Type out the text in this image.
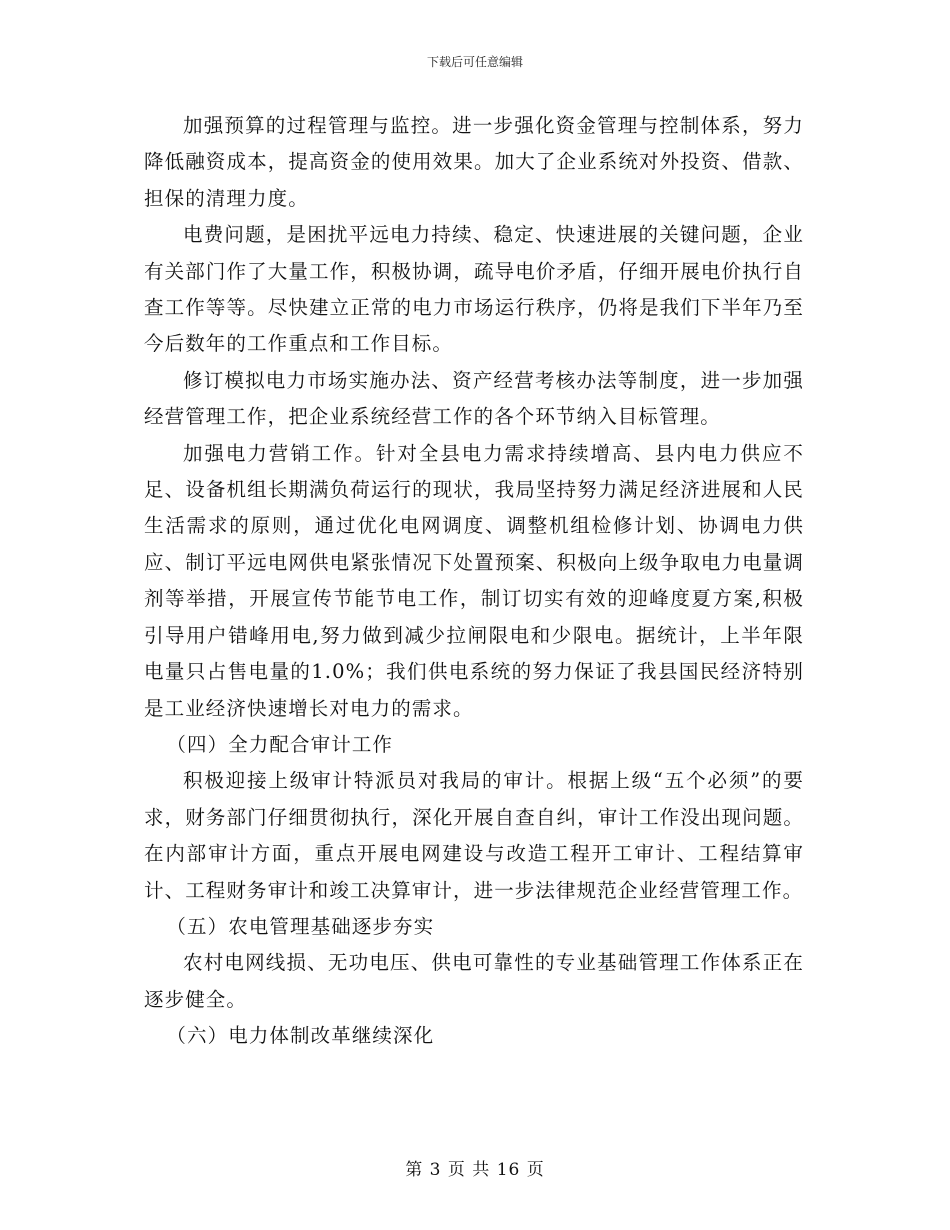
下载后可任意编辑

加强预算的过程管理与监控。进一步强化资金管理与控制体系，努力降低融资成本，提高资金的使用效果。加大了企业系统对外投资、借款、担保的清理力度。

电费问题，是困扰平远电力持续、稳定、快速进展的关键问题，企业有关部门作了大量工作，积极协调，疏导电价矛盾，仔细开展电价执行自查工作等等。尽快建立正常的电力市场运行秩序，仍将是我们下半年乃至今后数年的工作重点和工作目标。

修订模拟电力市场实施办法、资产经营考核办法等制度，进一步加强经营管理工作，把企业系统经营工作的各个环节纳入目标管理。

加强电力营销工作。针对全县电力需求持续增高、县内电力供应不足、设备机组长期满负荷运行的现状，我局坚持努力满足经济进展和人民生活需求的原则，通过优化电网调度、调整机组检修计划、协调电力供应、制订平远电网供电紧张情况下处置预案、积极向上级争取电力电量调剂等举措，开展宣传节能节电工作，制订切实有效的迎峰度夏方案,积极引导用户错峰用电,努力做到减少拉闸限电和少限电。据统计，上半年限电量只占售电量的1.0%；我们供电系统的努力保证了我县国民经济特别是工业经济快速增长对电力的需求。

（四）全力配合审计工作

积极迎接上级审计特派员对我局的审计。根据上级“五个必须”的要求，财务部门仔细贯彻执行，深化开展自查自纠，审计工作没出现问题。在内部审计方面，重点开展电网建设与改造工程开工审计、工程结算审计、工程财务审计和竣工决算审计，进一步法律规范企业经营管理工作。

（五）农电管理基础逐步夯实

农村电网线损、无功电压、供电可靠性的专业基础管理工作体系正在逐步健全。

（六）电力体制改革继续深化

第 3 页 共 16 页
